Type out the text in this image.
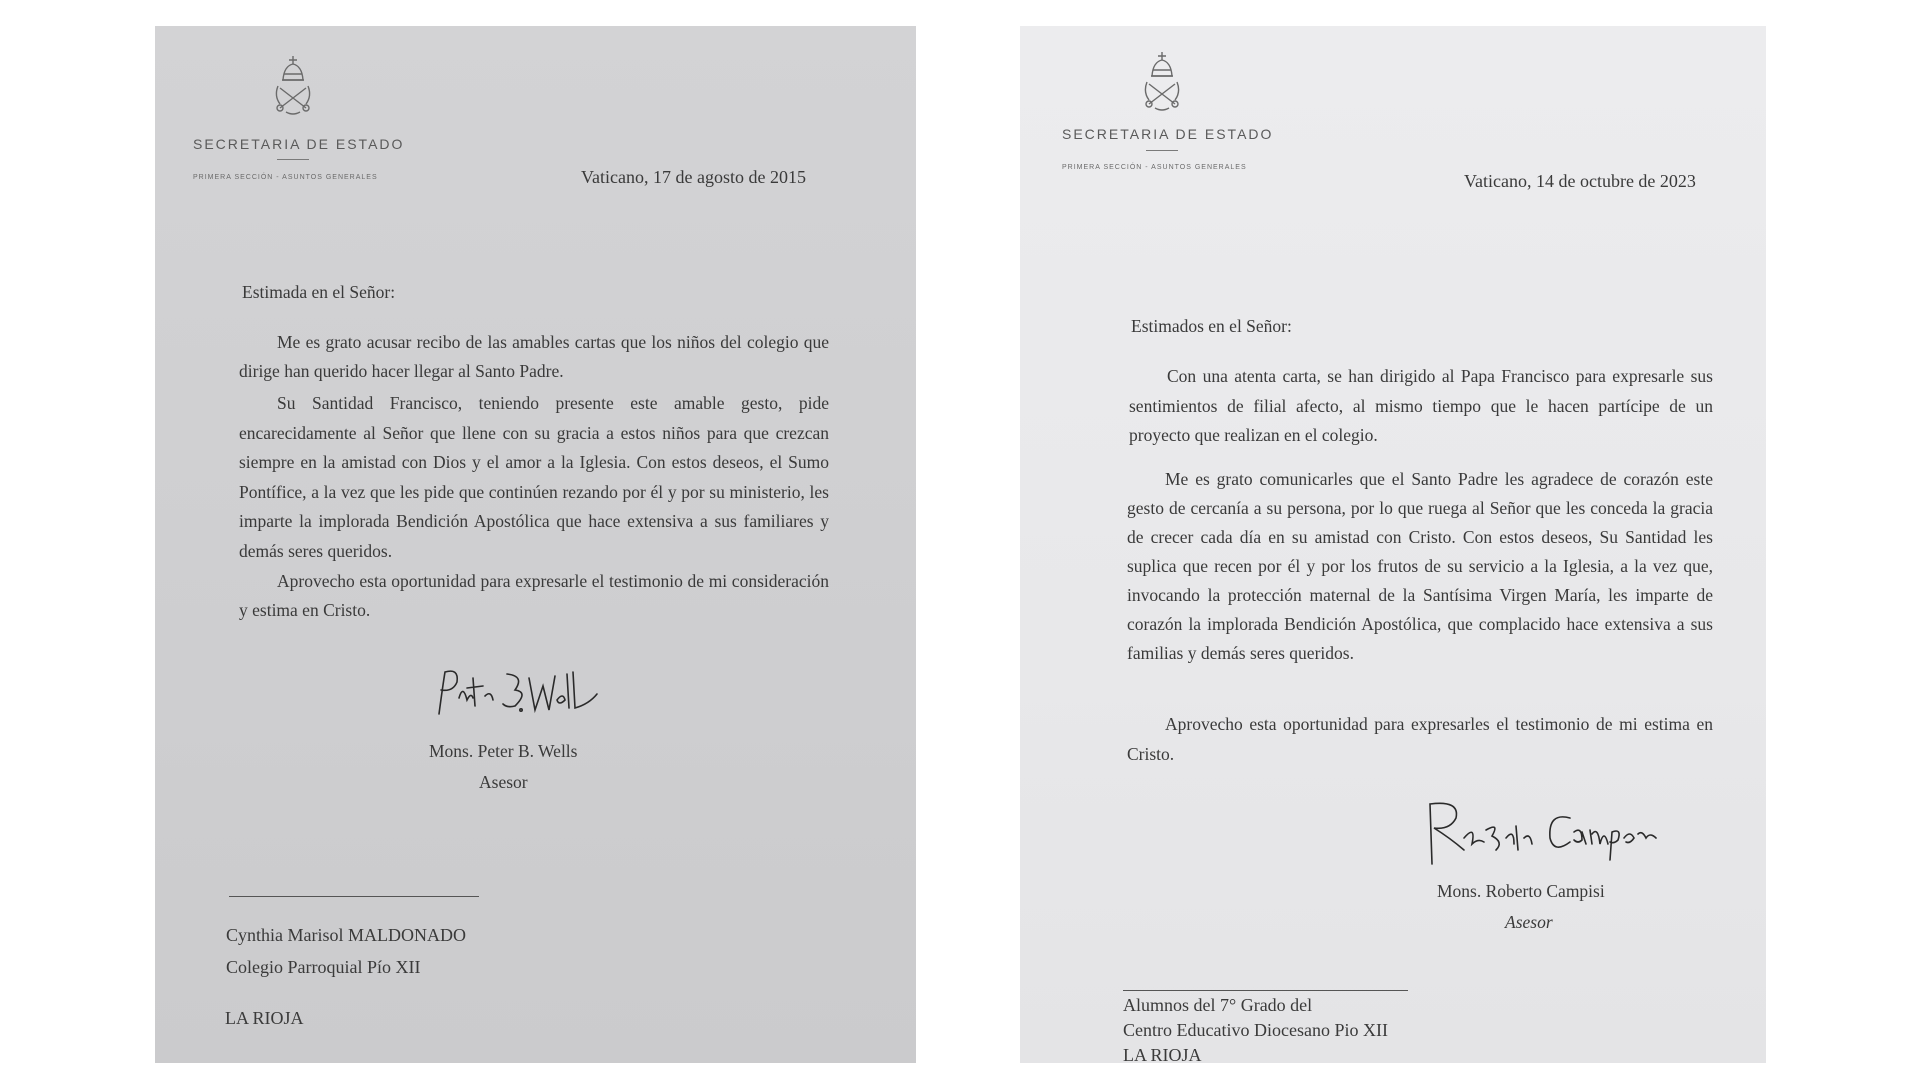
SECRETARIA DE ESTADO
PRIMERA SECCIÓN - ASUNTOS GENERALES	Vaticano, 17 de agosto de 2015
Estimada en el Señor:

Me es grato acusar recibo de las amables cartas que los niños del colegio que dirige han querido hacer llegar al Santo Padre.

Su Santidad Francisco, teniendo presente este amable gesto, pide encarecidamente al Señor que llene con su gracia a estos niños para que crezcan siempre en la amistad con Dios y el amor a la Iglesia. Con estos deseos, el Sumo Pontífice, a la vez que les pide que continúen rezando por él y por su ministerio, les imparte la implorada Bendición Apostólica que hace extensiva a sus familiares y demás seres queridos.

Aprovecho esta oportunidad para expresarle el testimonio de mi consideración y estima en Cristo.

Mons. Peter B. Wells
Asesor
Cynthia Marisol MALDONADO
Colegio Parroquial Pío XII
LA RIOJA
SECRETARIA DE ESTADO
PRIMERA SECCIÓN - ASUNTOS GENERALES
Vaticano, 14 de octubre de 2023
Estimados en el Señor:

Con una atenta carta, se han dirigido al Papa Francisco para expresarle sus sentimientos de filial afecto, al mismo tiempo que le hacen partícipe de un proyecto que realizan en el colegio.

Me es grato comunicarles que el Santo Padre les agradece de corazón este gesto de cercanía a su persona, por lo que ruega al Señor que les conceda la gracia de crecer cada día en su amistad con Cristo. Con estos deseos, Su Santidad les suplica que recen por él y por los frutos de su servicio a la Iglesia, a la vez que, invocando la protección maternal de la Santísima Virgen María, les imparte de corazón la implorada Bendición Apostólica, que complacido hace extensiva a sus familias y demás seres queridos.

Aprovecho esta oportunidad para expresarles el testimonio de mi estima en Cristo.

Mons. Roberto Campisi
Asesor
Alumnos del 7° Grado del
Centro Educativo Diocesano Pio XII
LA RIOJA
